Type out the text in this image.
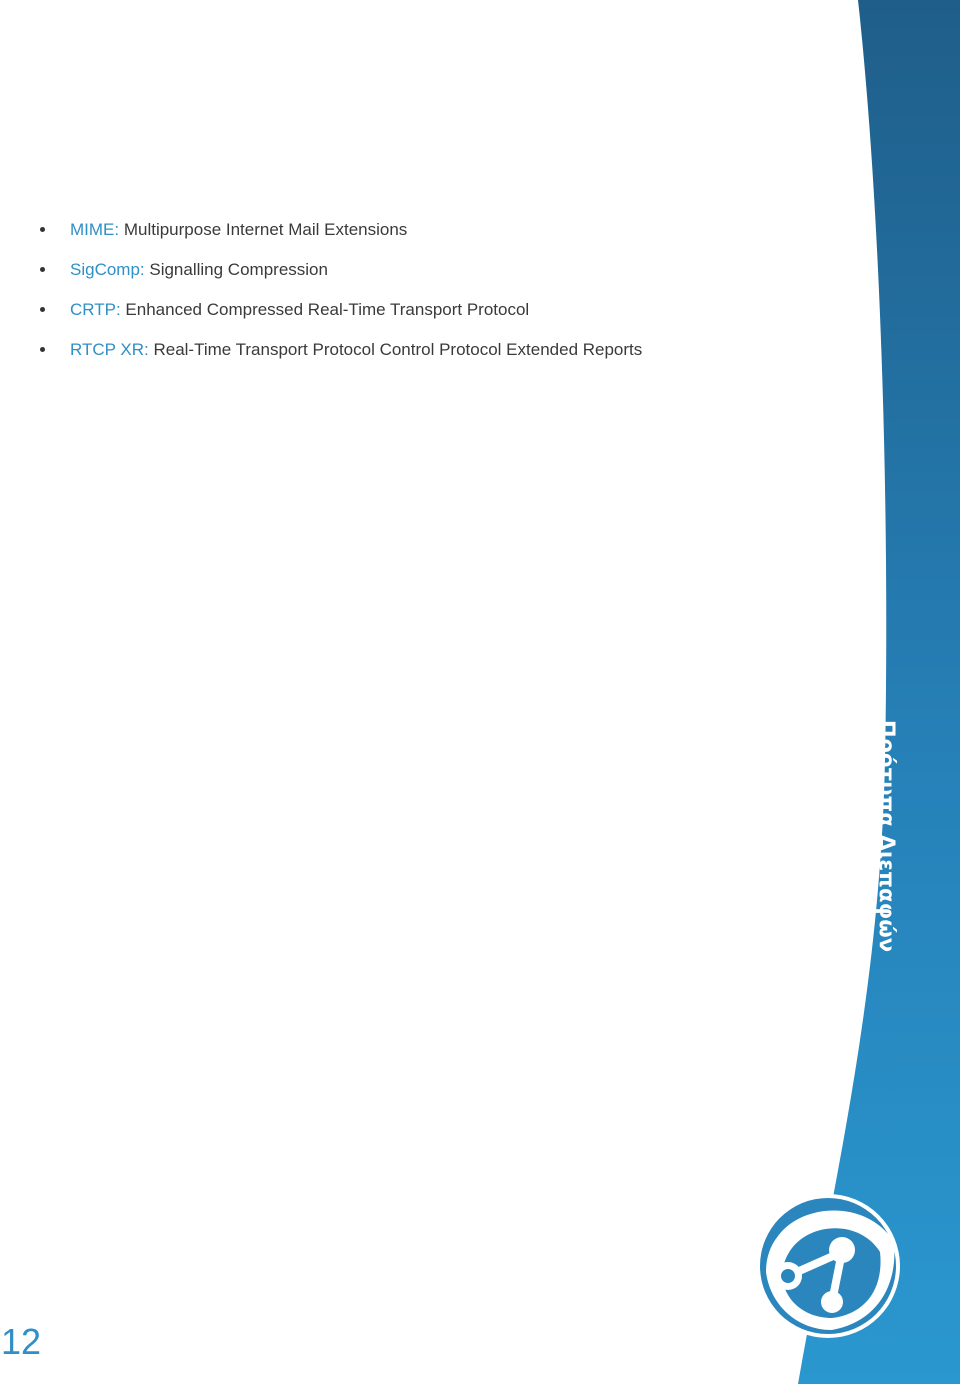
MIME: Multipurpose Internet Mail Extensions
SigComp: Signalling Compression
CRTP: Enhanced Compressed Real-Time Transport Protocol
RTCP XR: Real-Time Transport Protocol Control Protocol Extended Reports
Πρότυπα Διεπαφών
12
